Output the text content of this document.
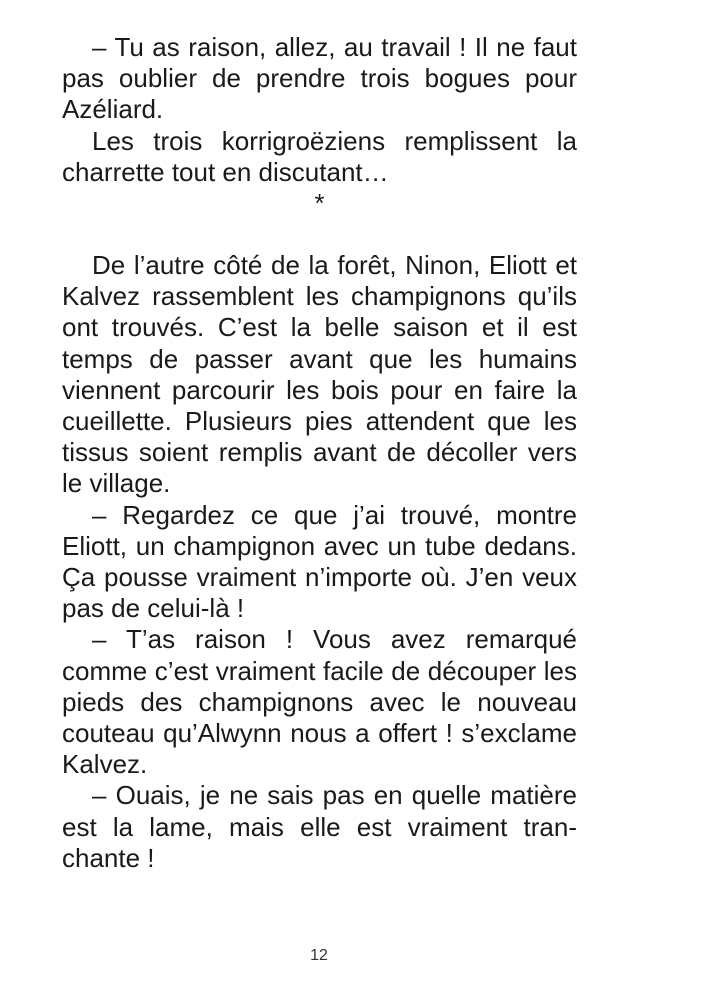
– Tu as raison, allez, au travail ! Il ne faut pas oublier de prendre trois bogues pour Azéliard.

Les trois korrigroëziens remplissent la charrette tout en discutant…

*

De l’autre côté de la forêt, Ninon, Eliott et Kalvez rassemblent les champignons qu’ils ont trouvés. C’est la belle saison et il est temps de passer avant que les humains viennent parcourir les bois pour en faire la cueillette. Plusieurs pies attendent que les tissus soient remplis avant de décoller vers le village.

– Regardez ce que j’ai trouvé, montre Eliott, un champignon avec un tube dedans. Ça pousse vraiment n’importe où. J’en veux pas de celui-là !

– T’as raison ! Vous avez remarqué comme c’est vraiment facile de découper les pieds des champignons avec le nouveau couteau qu’Alwynn nous a offert ! s’exclame Kalvez.

– Ouais, je ne sais pas en quelle matière est la lame, mais elle est vraiment tranchante !

12
